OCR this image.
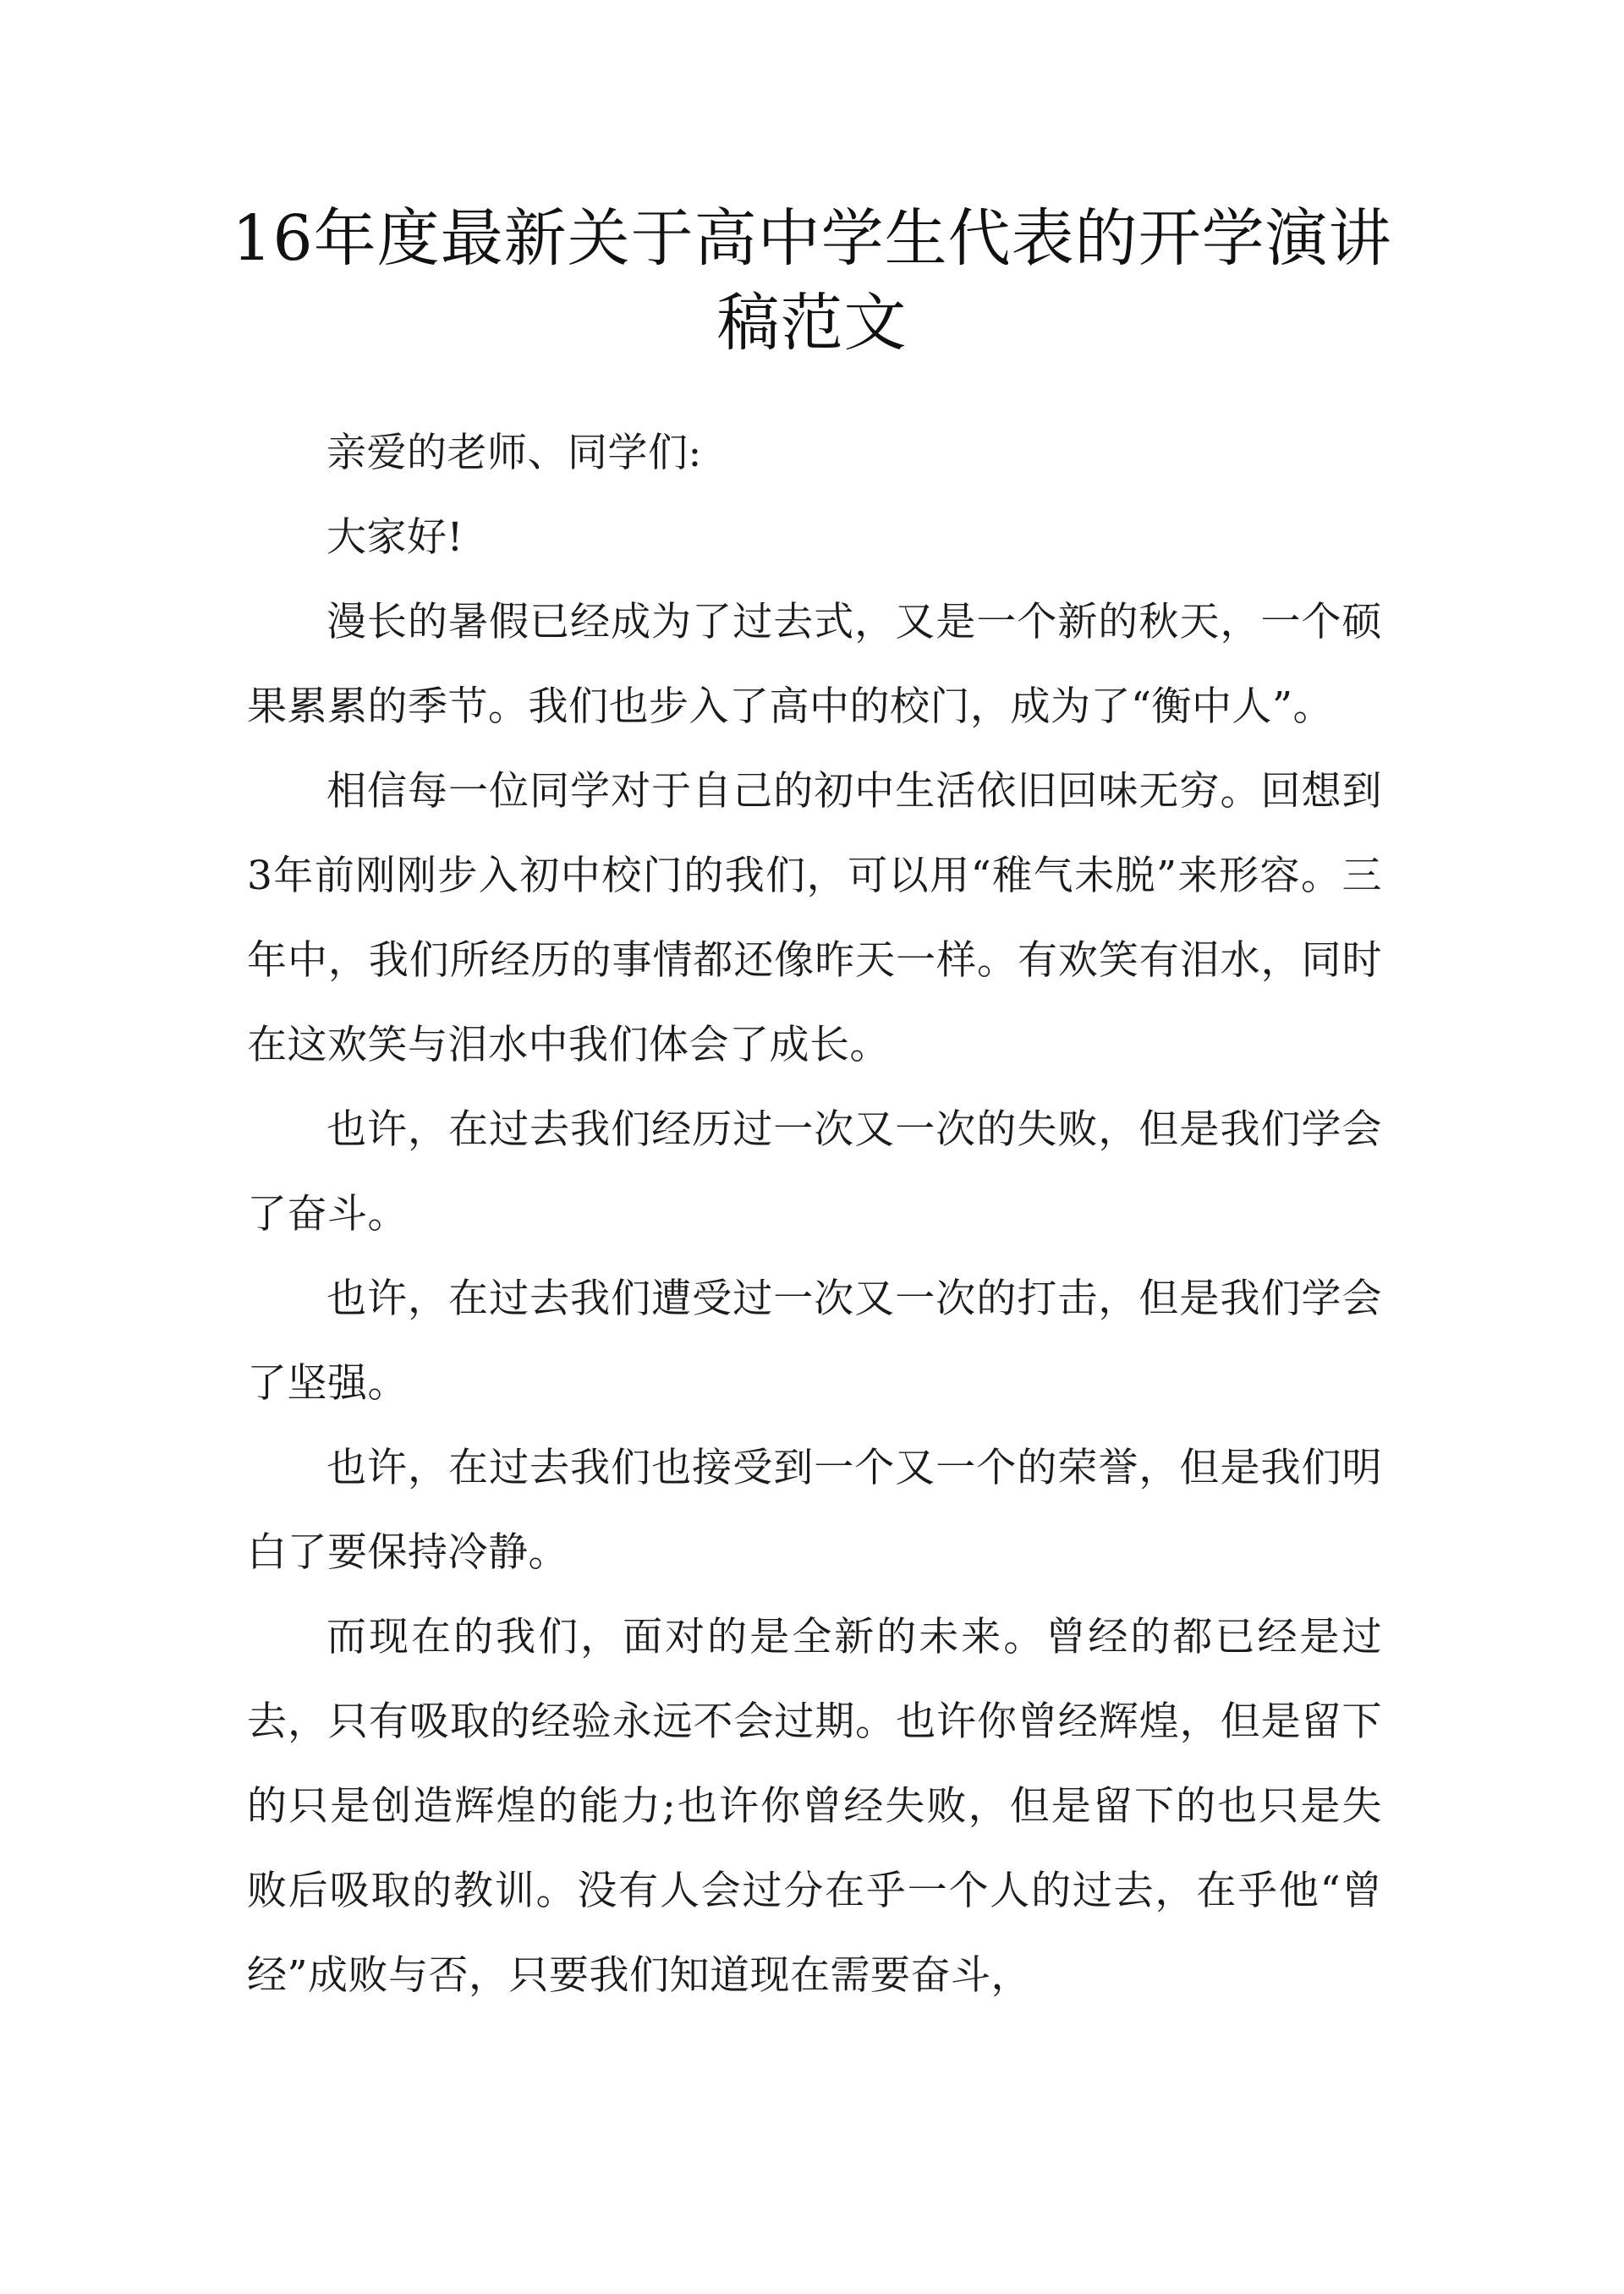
16年度最新关于高中学生代表的开学演讲稿范文

亲爱的老师、同学们:

大家好!

漫长的暑假已经成为了过去式，又是一个新的秋天，一个硕果累累的季节。我们也步入了高中的校门，成为了“衡中人”。

相信每一位同学对于自己的初中生活依旧回味无穷。回想到3年前刚刚步入初中校门的我们，可以用“稚气未脱”来形容。三年中，我们所经历的事情都还像昨天一样。有欢笑有泪水，同时在这欢笑与泪水中我们体会了成长。

也许，在过去我们经历过一次又一次的失败，但是我们学会了奋斗。

也许，在过去我们遭受过一次又一次的打击，但是我们学会了坚强。

也许，在过去我们也接受到一个又一个的荣誉，但是我们明白了要保持冷静。

而现在的我们，面对的是全新的未来。曾经的都已经是过去，只有吸取的经验永远不会过期。也许你曾经辉煌，但是留下的只是创造辉煌的能力;也许你曾经失败，但是留下的也只是失败后吸取的教训。没有人会过分在乎一个人的过去，在乎他“曾经”成败与否，只要我们知道现在需要奋斗，
